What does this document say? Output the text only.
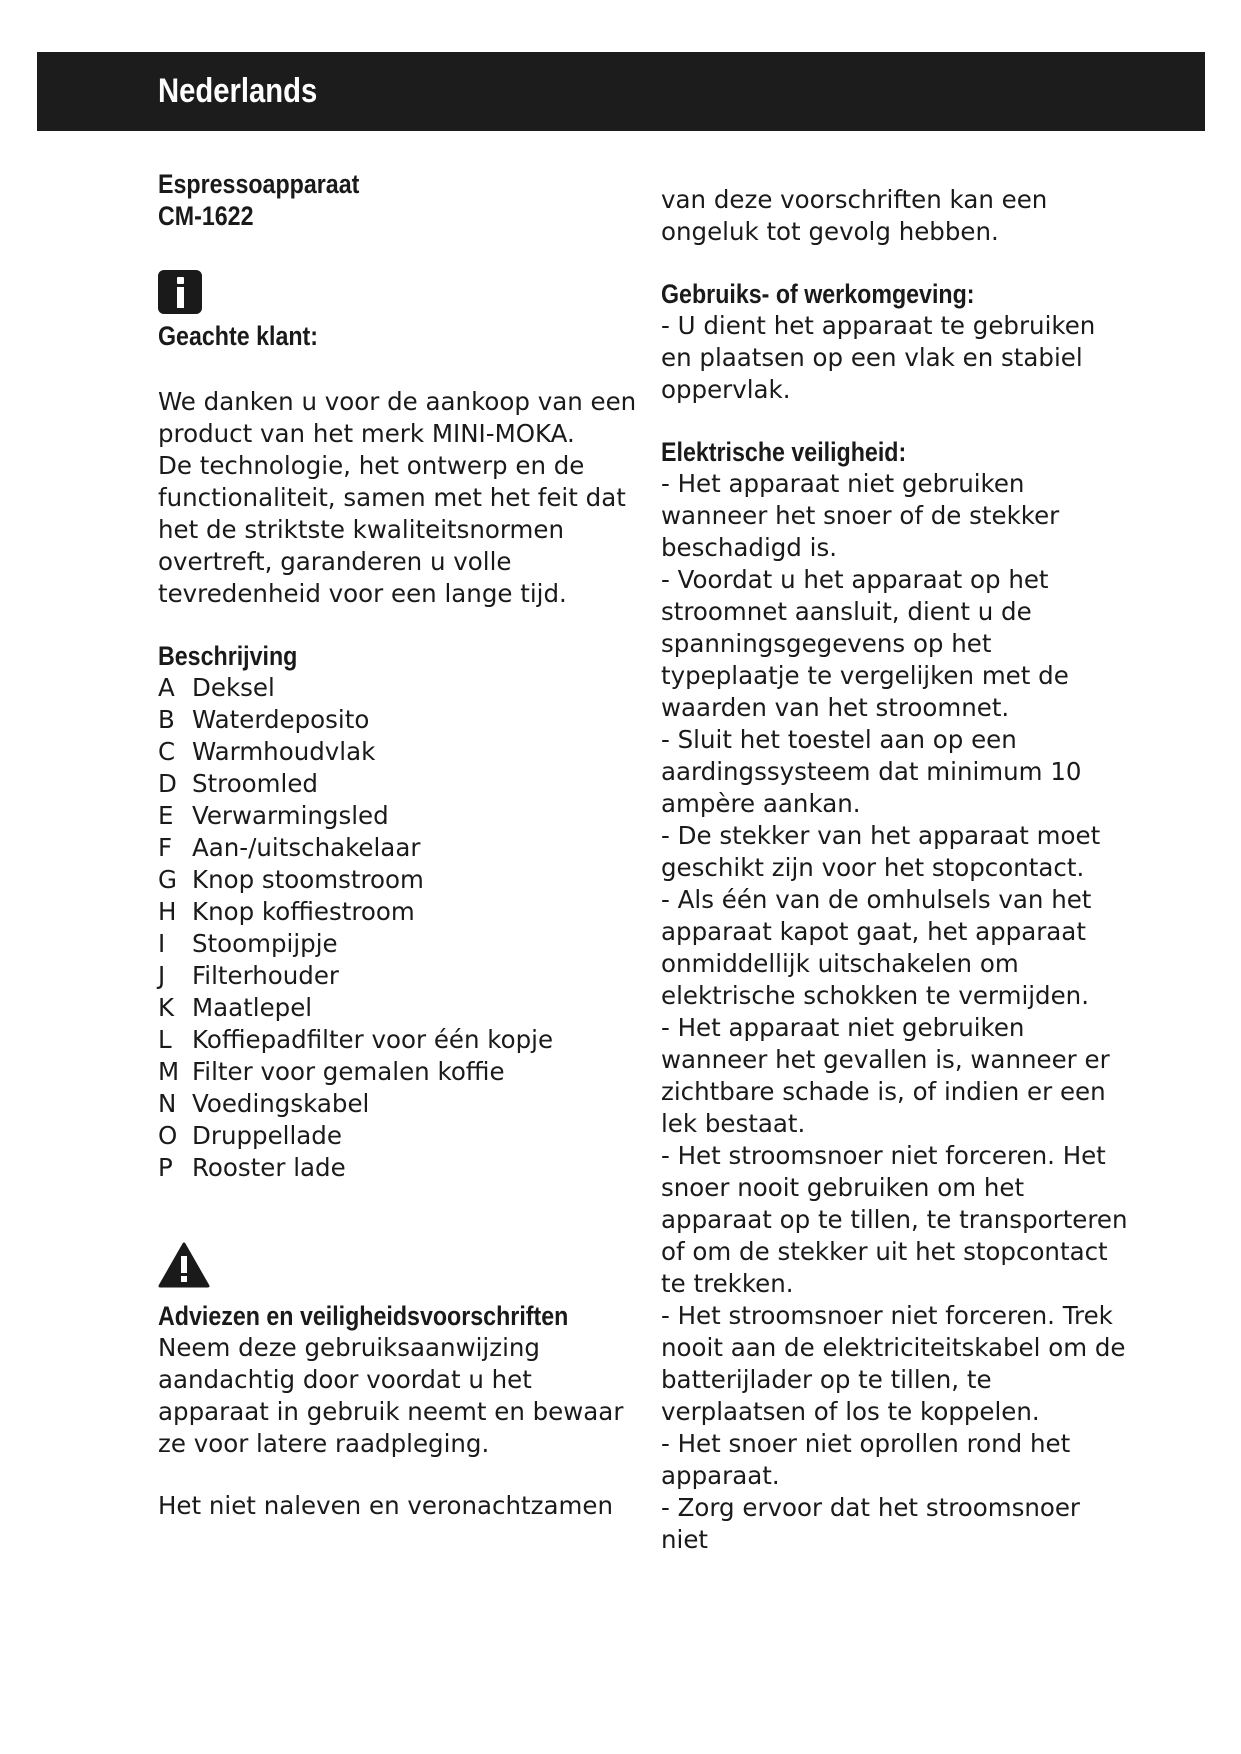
Nederlands
Espressoapparaat
CM-1622
Geachte klant:

We danken u voor de aankoop van een product van het merk MINI-MOKA.

De technologie, het ontwerp en de functionaliteit, samen met het feit dat het de striktste kwaliteitsnormen overtreft, garanderen u volle tevredenheid voor een lange tijd.

Beschrijving
A Deksel
B Waterdeposito
C Warmhoudvlak
D Stroomled
E Verwarmingsled
F Aan-/uitschakelaar
G Knop stoomstroom
H Knop koffiestroom
I	Stoompijpje
J	Filterhouder
K Maatlepel
L Koffiepadfilter voor één kopje
M Filter voor gemalen koffie
N Voedingskabel
O Druppellade
P Rooster lade
Adviezen en veiligheidsvoorschriften

Neem deze gebruiksaanwijzing aandachtig door voordat u het apparaat in gebruik neemt en bewaar ze voor latere raadpleging.

Het niet naleven en veronachtzamen

van deze voorschriften kan een ongeluk tot gevolg hebben.

Gebruiks- of werkomgeving:

- U dient het apparaat te gebruiken en plaatsen op een vlak en stabiel oppervlak.

Elektrische veiligheid:

- Het apparaat niet gebruiken wanneer het snoer of de stekker beschadigd is.

- Voordat u het apparaat op het stroomnet aansluit, dient u de spanningsgegevens op het typeplaatje te vergelijken met de waarden van het stroomnet.

- Sluit het toestel aan op een aardingssysteem dat minimum 10 ampère aankan.

- De stekker van het apparaat moet geschikt zijn voor het stopcontact.

- Als één van de omhulsels van het apparaat kapot gaat, het apparaat onmiddellijk uitschakelen om elektrische schokken te vermijden.

- Het apparaat niet gebruiken wanneer het gevallen is, wanneer er zichtbare schade is, of indien er een lek bestaat.

- Het stroomsnoer niet forceren. Het snoer nooit gebruiken om het apparaat op te tillen, te transporteren of om de stekker uit het stopcontact te trekken.

- Het stroomsnoer niet forceren. Trek nooit aan de elektriciteitskabel om de batterijlader op te tillen, te verplaatsen of los te koppelen.

- Het snoer niet oprollen rond het apparaat.

- Zorg ervoor dat het stroomsnoer niet
